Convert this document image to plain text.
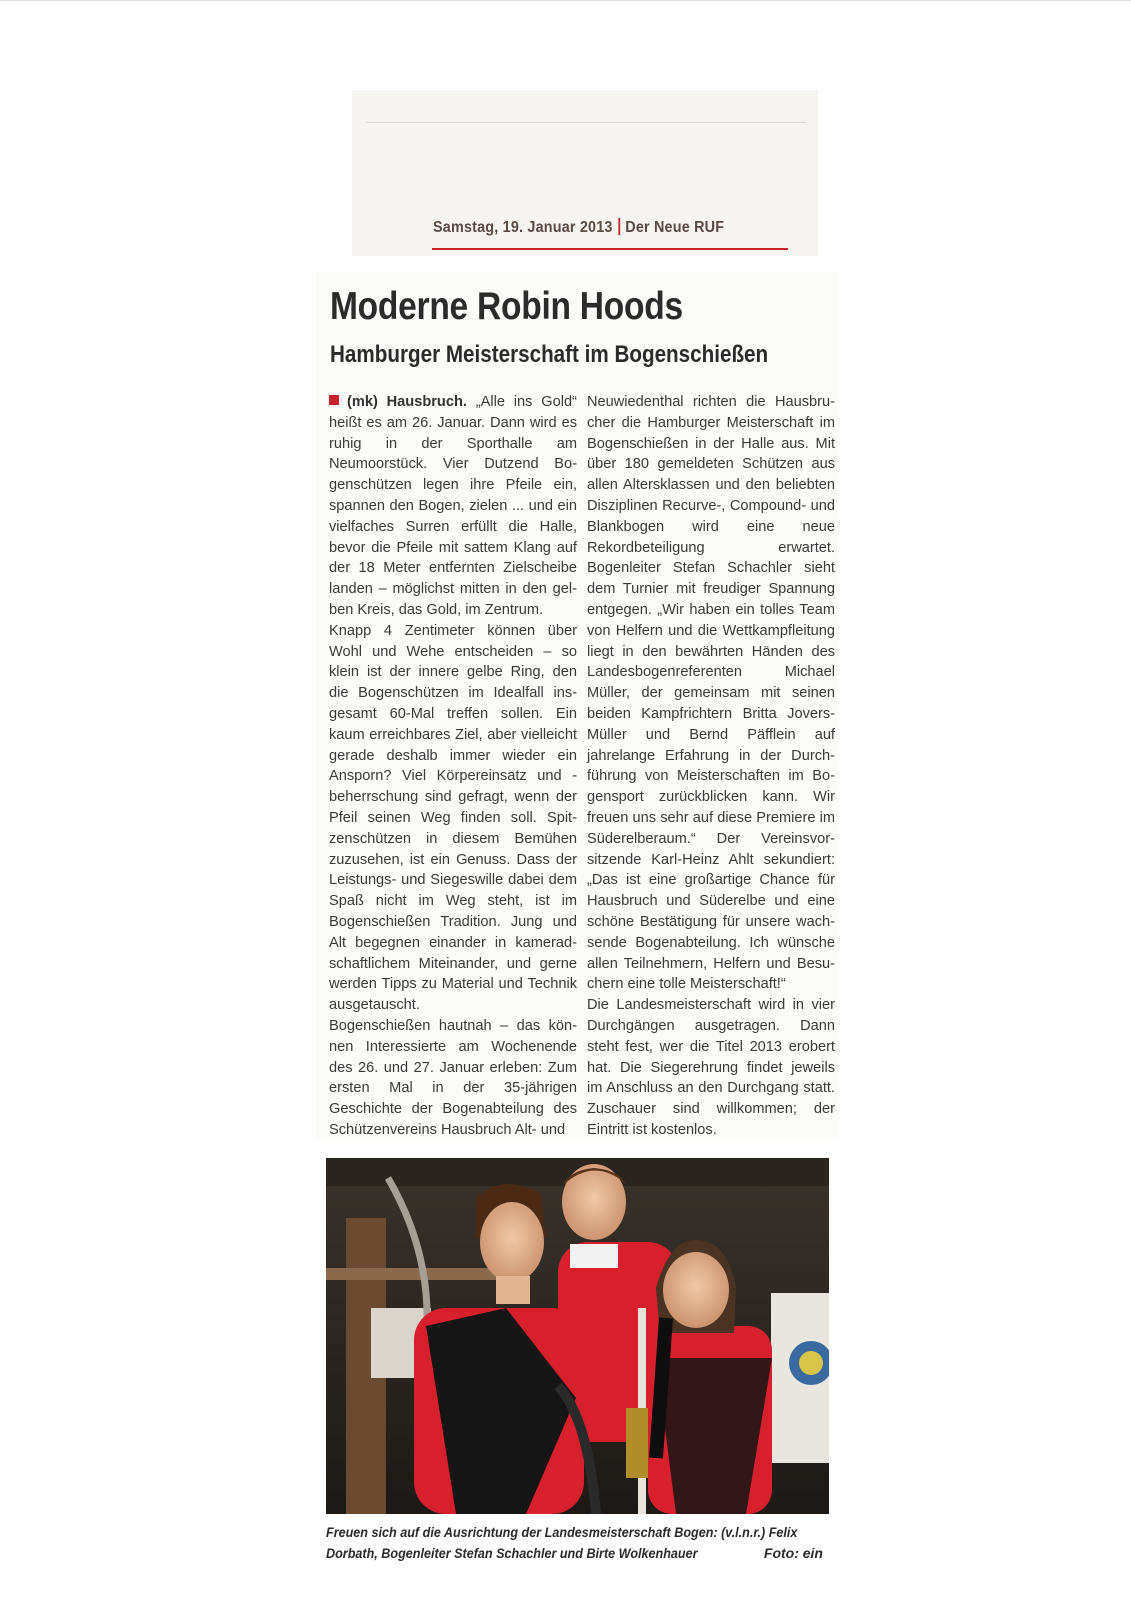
Samstag, 19. Januar 2013 Der Neue RUF
Moderne Robin Hoods
Hamburger Meisterschaft im Bogenschießen

(mk) Hausbruch. „Alle ins Gold“ heißt es am 26. Januar. Dann wird es ruhig in der Sporthalle am Neumoorstück. Vier Dutzend Bogenschützen legen ihre Pfeile ein, spannen den Bogen, zielen ... und ein vielfaches Surren erfüllt die Halle, bevor die Pfeile mit sattem Klang auf der 18 Meter entfernten Zielscheibe landen – möglichst mitten in den gelben Kreis, das Gold, im Zentrum.

Knapp 4 Zentimeter können über Wohl und Wehe entscheiden – so klein ist der innere gelbe Ring, den die Bogenschützen im Idealfall insgesamt 60-Mal treffen sollen. Ein kaum erreichbares Ziel, aber vielleicht gerade deshalb immer wieder ein Ansporn? Viel Körpereinsatz und -beherrschung sind gefragt, wenn der Pfeil seinen Weg finden soll. Spitzenschützen in diesem Bemühen zuzusehen, ist ein Genuss. Dass der Leistungs- und Siegeswille dabei dem Spaß nicht im Weg steht, ist im Bogenschießen Tradition. Jung und Alt begegnen einander in kameradschaftlichem Miteinander, und gerne werden Tipps zu Material und Technik ausgetauscht.

Bogenschießen hautnah – das können Interessierte am Wochenende des 26. und 27. Januar erleben: Zum ersten Mal in der 35-jährigen Geschichte der Bogenabteilung des Schützenvereins Hausbruch Alt- und

Neuwiedenthal richten die Hausbrucher die Hamburger Meisterschaft im Bogenschießen in der Halle aus. Mit über 180 gemeldeten Schützen aus allen Altersklassen und den beliebten Disziplinen Recurve-, Compound- und Blankbogen wird eine neue Rekordbeteiligung erwartet. Bogenleiter Stefan Schachler sieht dem Turnier mit freudiger Spannung entgegen. „Wir haben ein tolles Team von Helfern und die Wettkampfleitung liegt in den bewährten Händen des Landesbogenreferenten Michael Müller, der gemeinsam mit seinen beiden Kampfrichtern Britta Jovers-Müller und Bernd Päfflein auf jahrelange Erfahrung in der Durchführung von Meisterschaften im Bogensport zurückblicken kann. Wir freuen uns sehr auf diese Premiere im Süderelberaum.“ Der Vereinsvorsitzende Karl-Heinz Ahlt sekundiert: „Das ist eine großartige Chance für Hausbruch und Süderelbe und eine schöne Bestätigung für unsere wachsende Bogenabteilung. Ich wünsche allen Teilnehmern, Helfern und Besuchern eine tolle Meisterschaft!“

Die Landesmeisterschaft wird in vier Durchgängen ausgetragen. Dann steht fest, wer die Titel 2013 erobert hat. Die Siegerehrung findet jeweils im Anschluss an den Durchgang statt. Zuschauer sind willkommen; der Eintritt ist kostenlos.

Freuen sich auf die Ausrichtung der Landesmeisterschaft Bogen: (v.l.n.r.) Felix
Dorbath, Bogenleiter Stefan Schachler und Birte Wolkenhauer	Foto: ein
